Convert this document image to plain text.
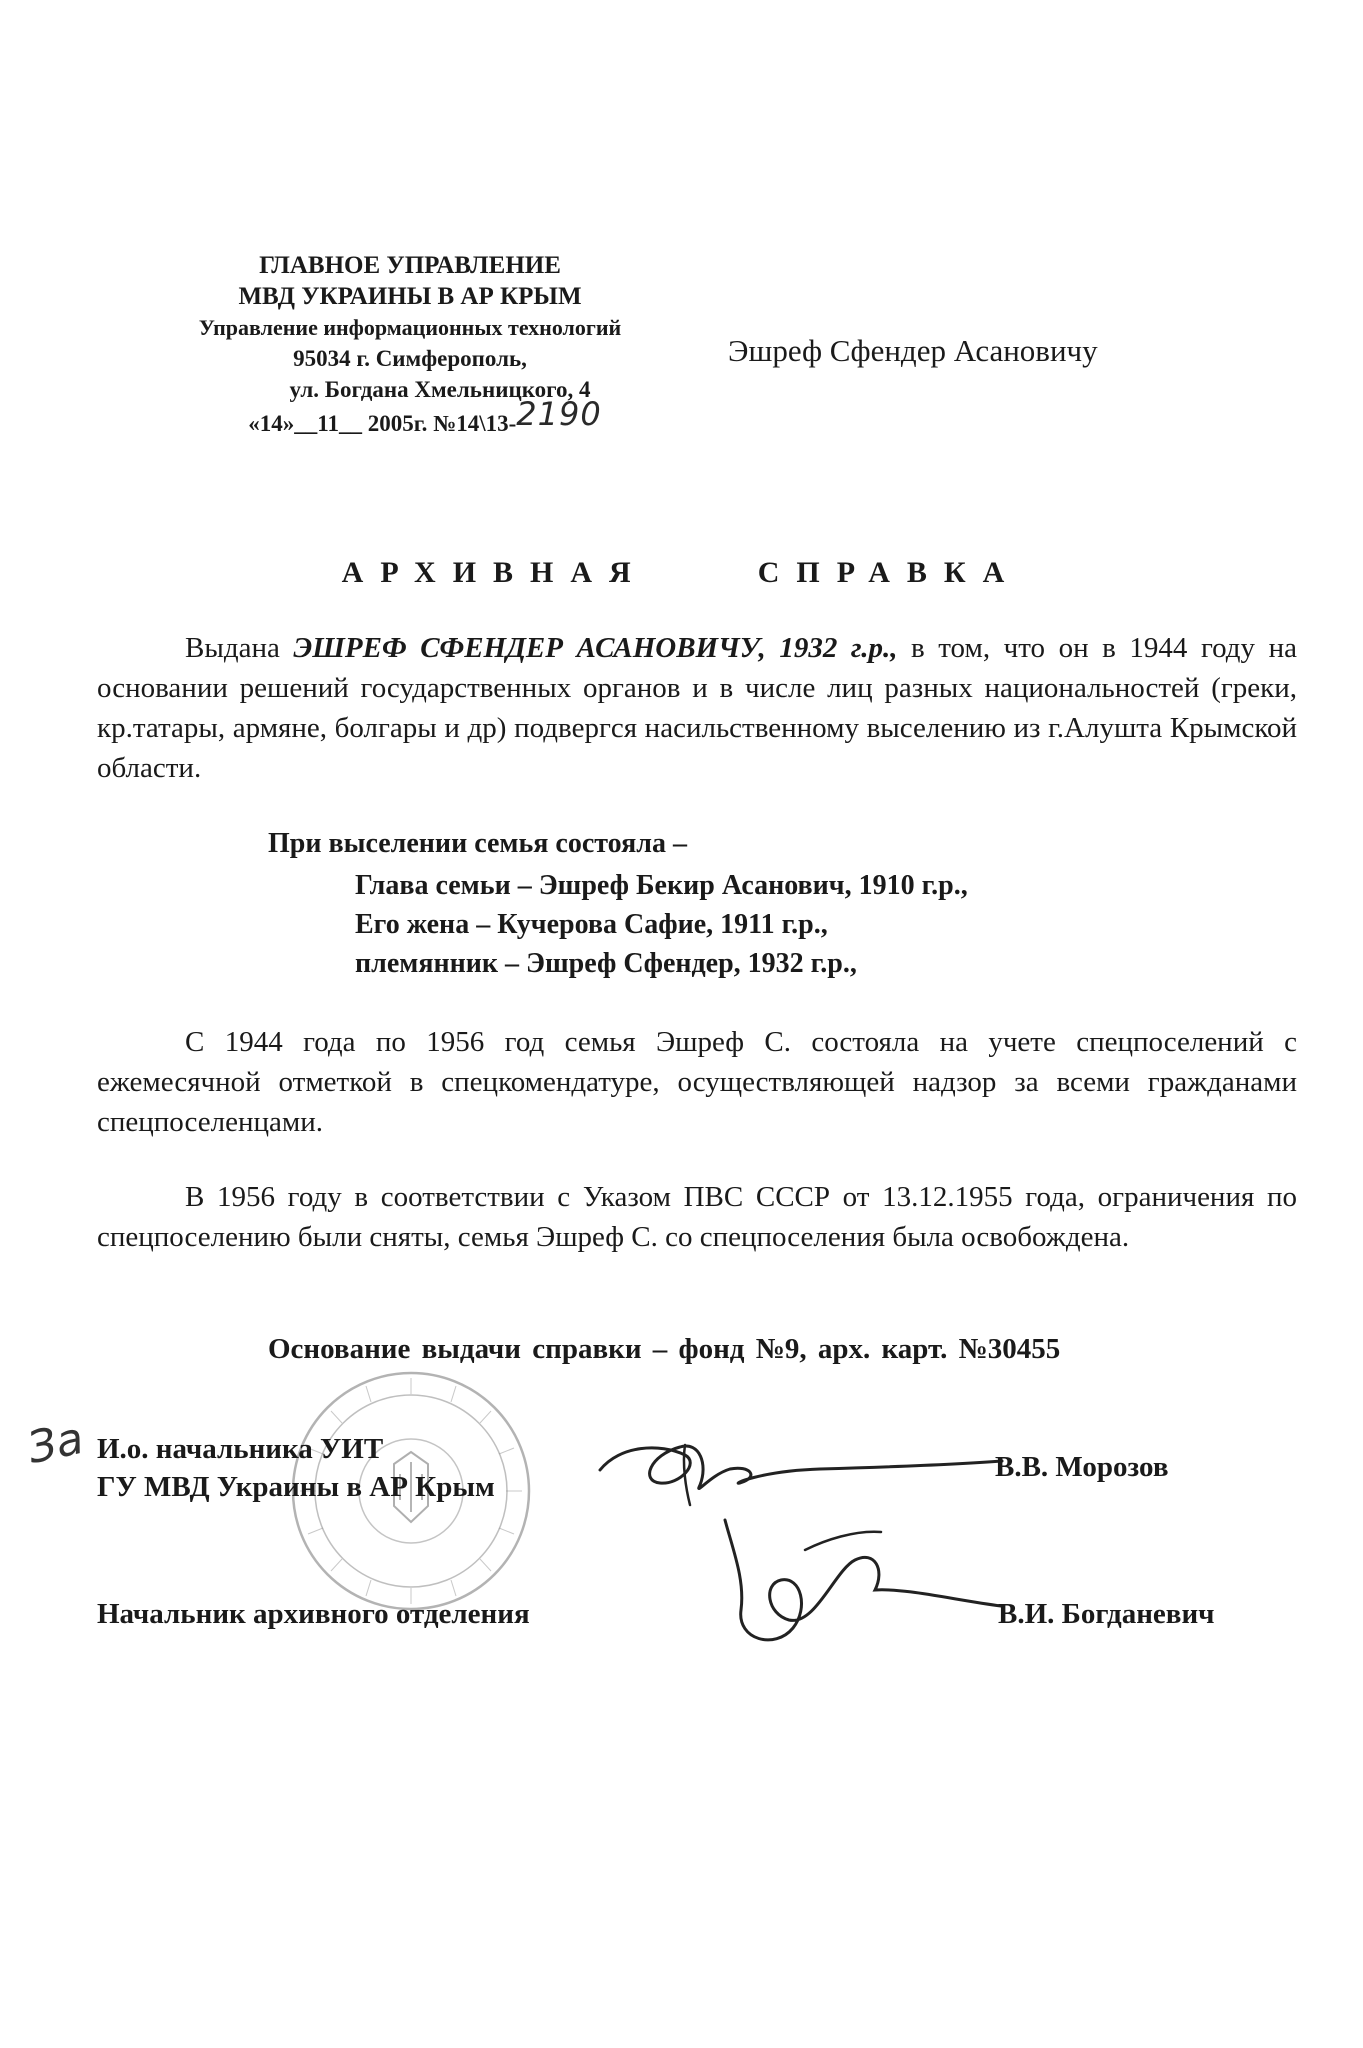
ГЛАВНОЕ УПРАВЛЕНИЕ
МВД УКРАИНЫ В АР КРЫМ
Управление информационных технологий
95034 г. Симферополь,
ул. Богдана Хмельницкого, 4
«14»__11__ 2005г. №14\13-2190
Эшреф Сфендер Асановичу
АРХИВНАЯ	СПРАВКА
Выдана ЭШРЕФ СФЕНДЕР АСАНОВИЧУ, 1932 г.р., в том, что он в 1944 году на основании решений государственных органов и в числе лиц разных национальностей (греки, кр.татары, армяне, болгары и др) подвергся насильственному выселению из г.Алушта Крымской области.
При выселении семья состояла –
Глава семьи – Эшреф Бекир Асанович, 1910 г.р.,
Его жена – Кучерова Сафие, 1911 г.р.,
племянник – Эшреф Сфендер, 1932 г.р.,
С 1944 года по 1956 год семья Эшреф С. состояла на учете спецпоселений с ежемесячной отметкой в спецкомендатуре, осуществляющей надзор за всеми гражданами спецпоселенцами.
В 1956 году в соответствии с Указом ПВС СССР от 13.12.1955 года, ограничения по спецпоселению были сняты, семья Эшреф С. со спецпоселения была освобождена.
Основание выдачи справки – фонд №9, арх. карт. №30455
За И.о. начальника УИТ
ГУ МВД Украины в АР Крым
В.В. Морозов
Начальник архивного отделения	В.И. Богданевич
